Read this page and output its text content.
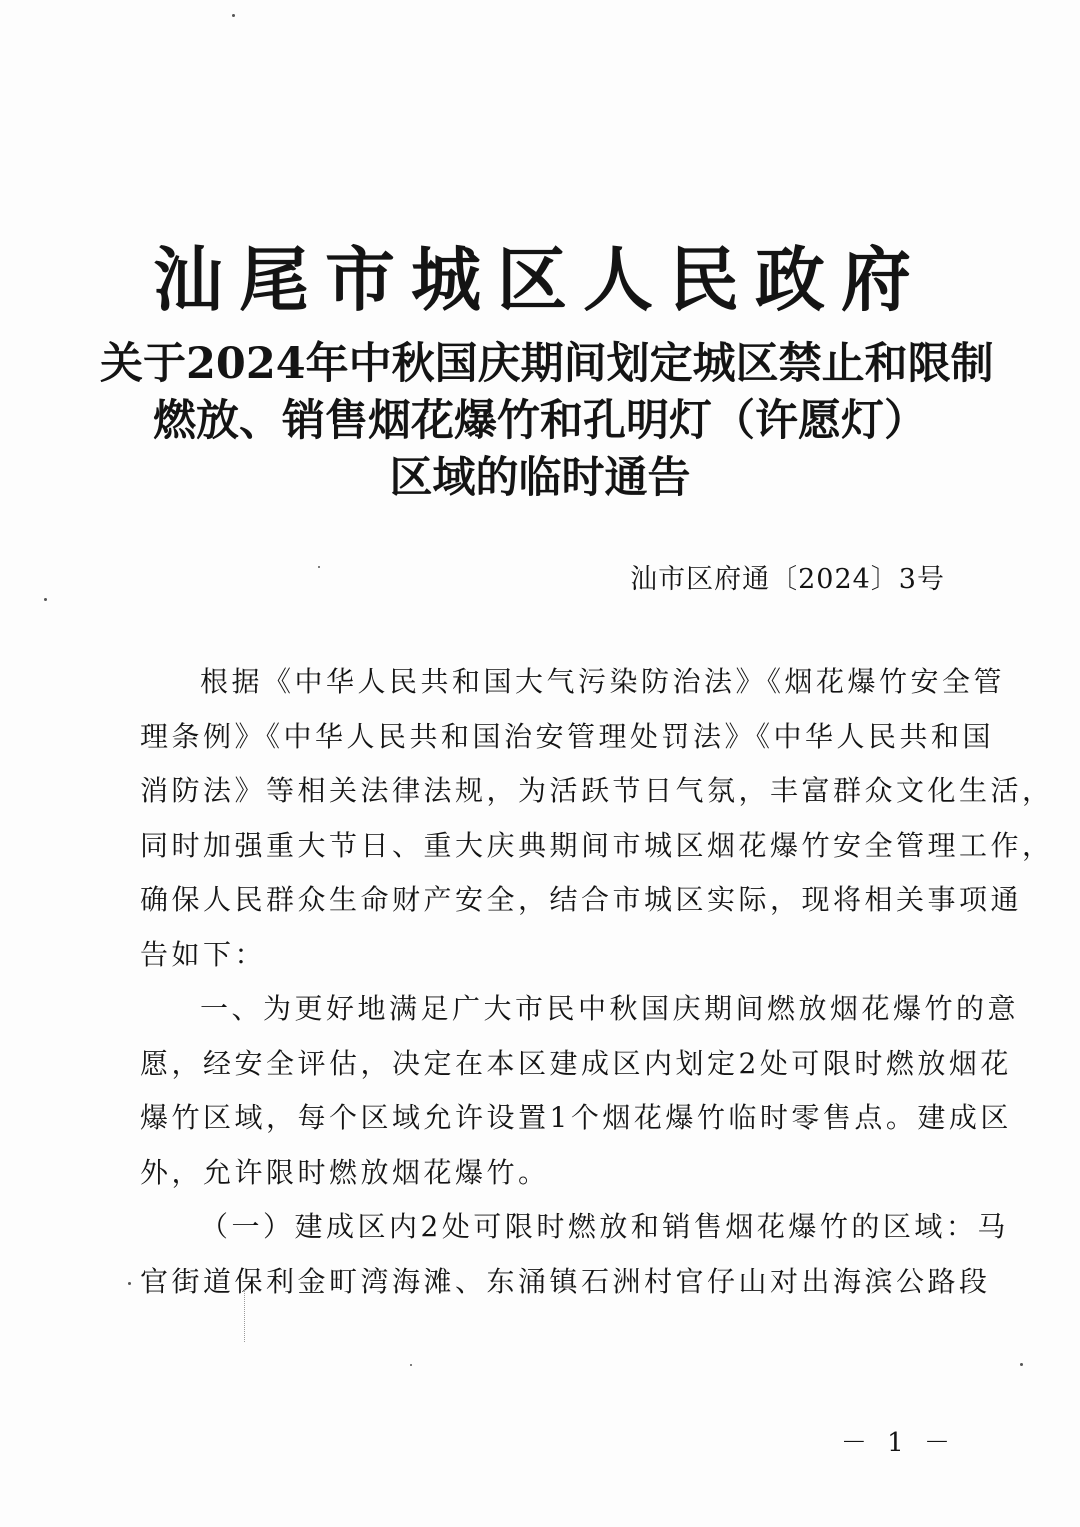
汕尾市城区人民政府
关于2024年中秋国庆期间划定城区禁止和限制
燃放、销售烟花爆竹和孔明灯（许愿灯）
区域的临时通告
汕市区府通〔2024〕3号
根据《中华人民共和国大气污染防治法》《烟花爆竹安全管
理条例》《中华人民共和国治安管理处罚法》《中华人民共和国
消防法》等相关法律法规，为活跃节日气氛，丰富群众文化生活，
同时加强重大节日、重大庆典期间市城区烟花爆竹安全管理工作，
确保人民群众生命财产安全，结合市城区实际，现将相关事项通
告如下：
一、为更好地满足广大市民中秋国庆期间燃放烟花爆竹的意
愿，经安全评估，决定在本区建成区内划定2处可限时燃放烟花
爆竹区域，每个区域允许设置1个烟花爆竹临时零售点。建成区
外，允许限时燃放烟花爆竹。
（一）建成区内2处可限时燃放和销售烟花爆竹的区域：马
官街道保利金町湾海滩、东涌镇石洲村官仔山对出海滨公路段
－ 1 －
